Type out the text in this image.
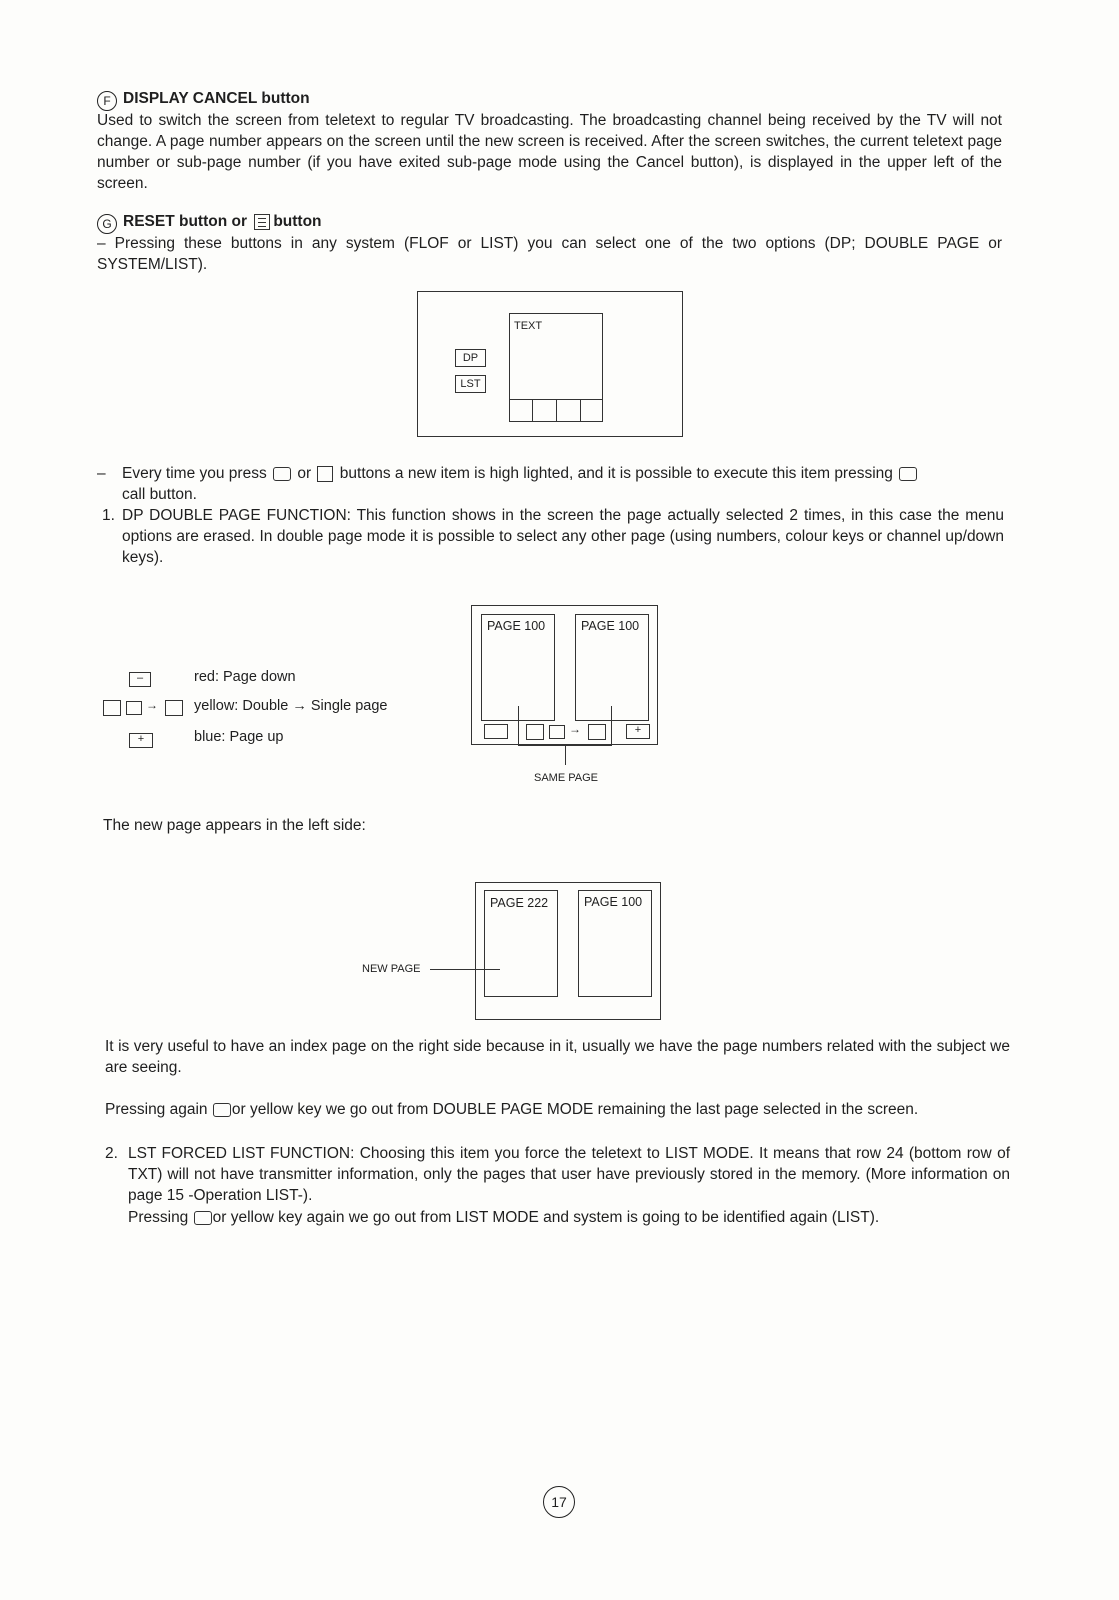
F DISPLAY CANCEL button
Used to switch the screen from teletext to regular TV broadcasting. The broadcasting channel being received by the TV will not change. A page number appears on the screen until the new screen is received. After the screen switches, the current teletext page number or sub-page number (if you have exited sub-page mode using the Cancel button), is displayed in the upper left of the screen.
G RESET button or button
– Pressing these buttons in any system (FLOF or LIST) you can select one of the two options (DP; DOUBLE PAGE or SYSTEM/LIST).
TEXT
DP
LST
– Every time you press or buttons a new item is high lighted, and it is possible to execute this item pressing
call button.
1. DP DOUBLE PAGE FUNCTION: This function shows in the screen the page actually selected 2 times, in this case the menu options are erased. In double page mode it is possible to select any other page (using numbers, colour keys or channel up/down keys).
–	red: Page down
→ yellow: Double → Single page
+	blue: Page up
PAGE 100	PAGE 100
→	+
SAME PAGE
The new page appears in the left side:
PAGE 222	PAGE 100
NEW PAGE
It is very useful to have an index page on the right side because in it, usually we have the page numbers related with the subject we are seeing.
Pressing again or yellow key we go out from DOUBLE PAGE MODE remaining the last page selected in the screen.
2. LST FORCED LIST FUNCTION: Choosing this item you force the teletext to LIST MODE. It means that row 24 (bottom row of TXT) will not have transmitter information, only the pages that user have previously stored in the memory. (More information on page 15 -Operation LIST-).
Pressing or yellow key again we go out from LIST MODE and system is going to be identified again (LIST).
17
